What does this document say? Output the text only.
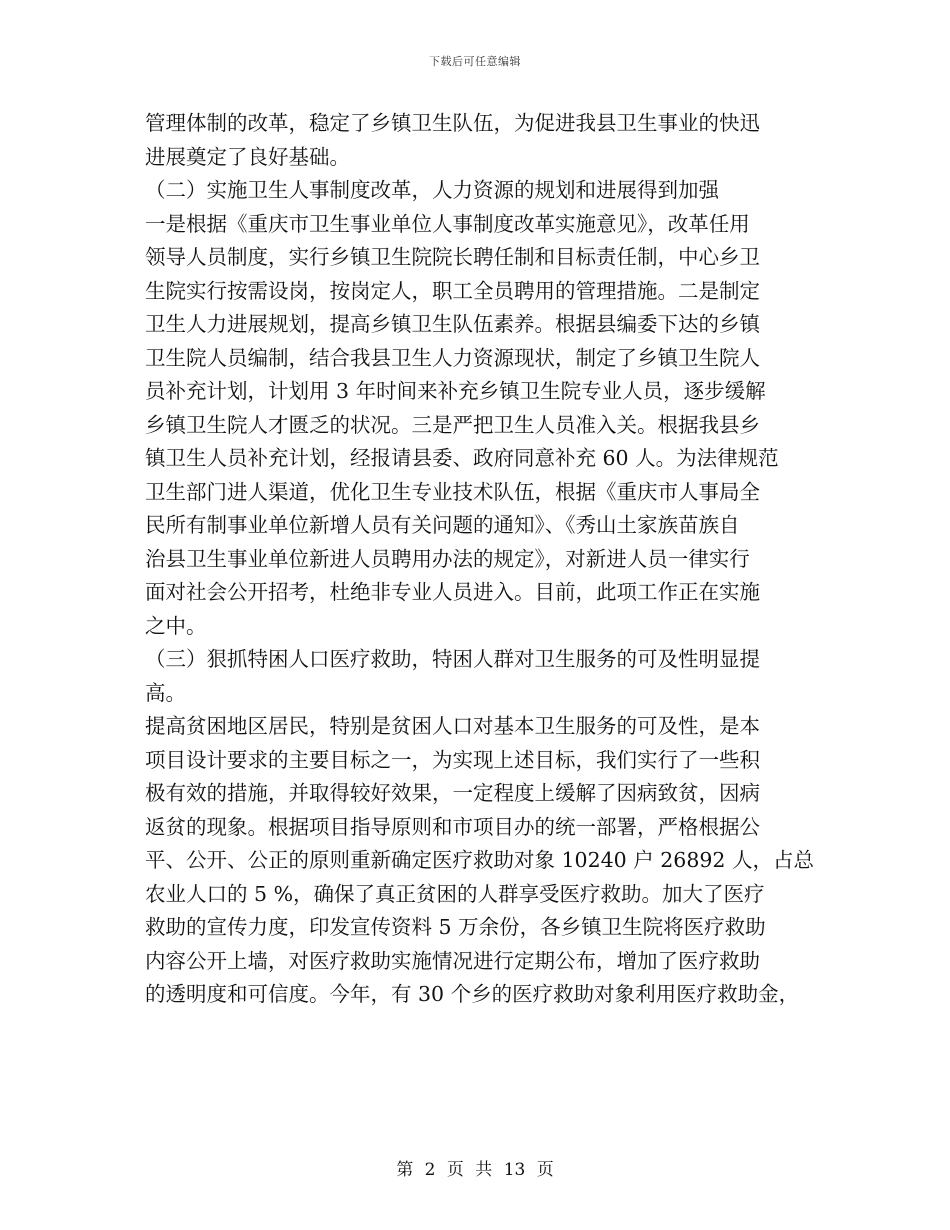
下载后可任意编辑
管理体制的改革，稳定了乡镇卫生队伍，为促进我县卫生事业的快迅
进展奠定了良好基础。
（二）实施卫生人事制度改革，人力资源的规划和进展得到加强
一是根据《重庆市卫生事业单位人事制度改革实施意见》，改革任用
领导人员制度，实行乡镇卫生院院长聘任制和目标责任制，中心乡卫
生院实行按需设岗，按岗定人，职工全员聘用的管理措施。二是制定
卫生人力进展规划，提高乡镇卫生队伍素养。根据县编委下达的乡镇
卫生院人员编制，结合我县卫生人力资源现状，制定了乡镇卫生院人
员补充计划，计划用 3 年时间来补充乡镇卫生院专业人员，逐步缓解
乡镇卫生院人才匮乏的状况。三是严把卫生人员准入关。根据我县乡
镇卫生人员补充计划，经报请县委、政府同意补充 60 人。为法律规范
卫生部门进人渠道，优化卫生专业技术队伍，根据《重庆市人事局全
民所有制事业单位新增人员有关问题的通知》、《秀山土家族苗族自
治县卫生事业单位新进人员聘用办法的规定》，对新进人员一律实行
面对社会公开招考，杜绝非专业人员进入。目前，此项工作正在实施
之中。
（三）狠抓特困人口医疗救助，特困人群对卫生服务的可及性明显提
高。
提高贫困地区居民，特别是贫困人口对基本卫生服务的可及性，是本
项目设计要求的主要目标之一，为实现上述目标，我们实行了一些积
极有效的措施，并取得较好效果，一定程度上缓解了因病致贫，因病
返贫的现象。根据项目指导原则和市项目办的统一部署，严格根据公
平、公开、公正的原则重新确定医疗救助对象 10240 户 26892 人，占总
农业人口的 5 %，确保了真正贫困的人群享受医疗救助。加大了医疗
救助的宣传力度，印发宣传资料 5 万余份，各乡镇卫生院将医疗救助
内容公开上墙，对医疗救助实施情况进行定期公布，增加了医疗救助
的透明度和可信度。今年，有 30 个乡的医疗救助对象利用医疗救助金，
第 2 页 共 13 页
